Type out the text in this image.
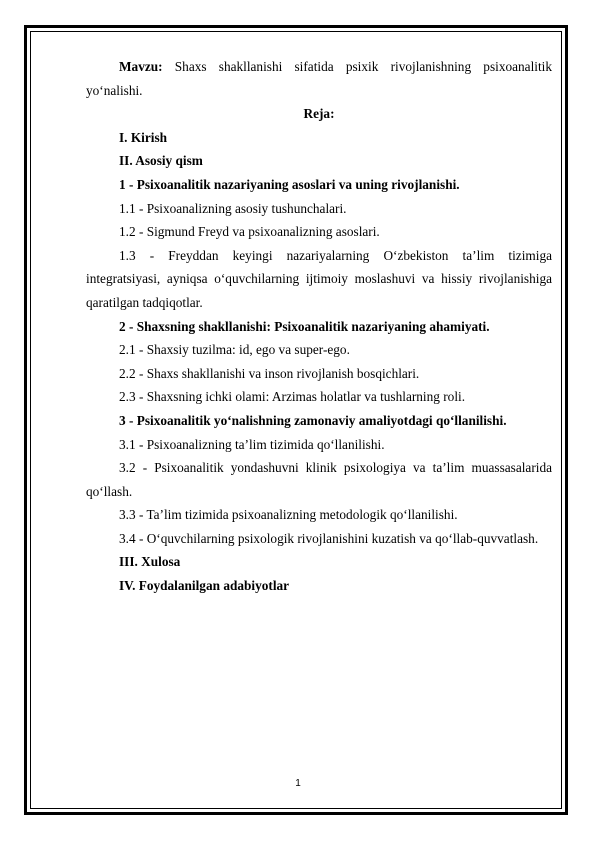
Mavzu: Shaxs shakllanishi sifatida psixik rivojlanishning psixoanalitik yo‘nalishi.

Reja:

I. Kirish

II. Asosiy qism

1 - Psixoanalitik nazariyaning asoslari va uning rivojlanishi.

1.1 - Psixoanalizning asosiy tushunchalari.

1.2 - Sigmund Freyd va psixoanalizning asoslari.

1.3 - Freyddan keyingi nazariyalarning O‘zbekiston ta’lim tizimiga integratsiyasi, ayniqsa o‘quvchilarning ijtimoiy moslashuvi va hissiy rivojlanishiga qaratilgan tadqiqotlar.

2 - Shaxsning shakllanishi: Psixoanalitik nazariyaning ahamiyati.

2.1 - Shaxsiy tuzilma: id, ego va super-ego.

2.2 - Shaxs shakllanishi va inson rivojlanish bosqichlari.

2.3 - Shaxsning ichki olami: Arzimas holatlar va tushlarning roli.

3 - Psixoanalitik yo‘nalishning zamonaviy amaliyotdagi qo‘llanilishi.

3.1 - Psixoanalizning ta’lim tizimida qo‘llanilishi.

3.2 - Psixoanalitik yondashuvni klinik psixologiya va ta’lim muassasalarida qo‘llash.

3.3 - Ta’lim tizimida psixoanalizning metodologik qo‘llanilishi.

3.4 - O‘quvchilarning psixologik rivojlanishini kuzatish va qo‘llab-quvvatlash.

III. Xulosa

IV. Foydalanilgan adabiyotlar

1
